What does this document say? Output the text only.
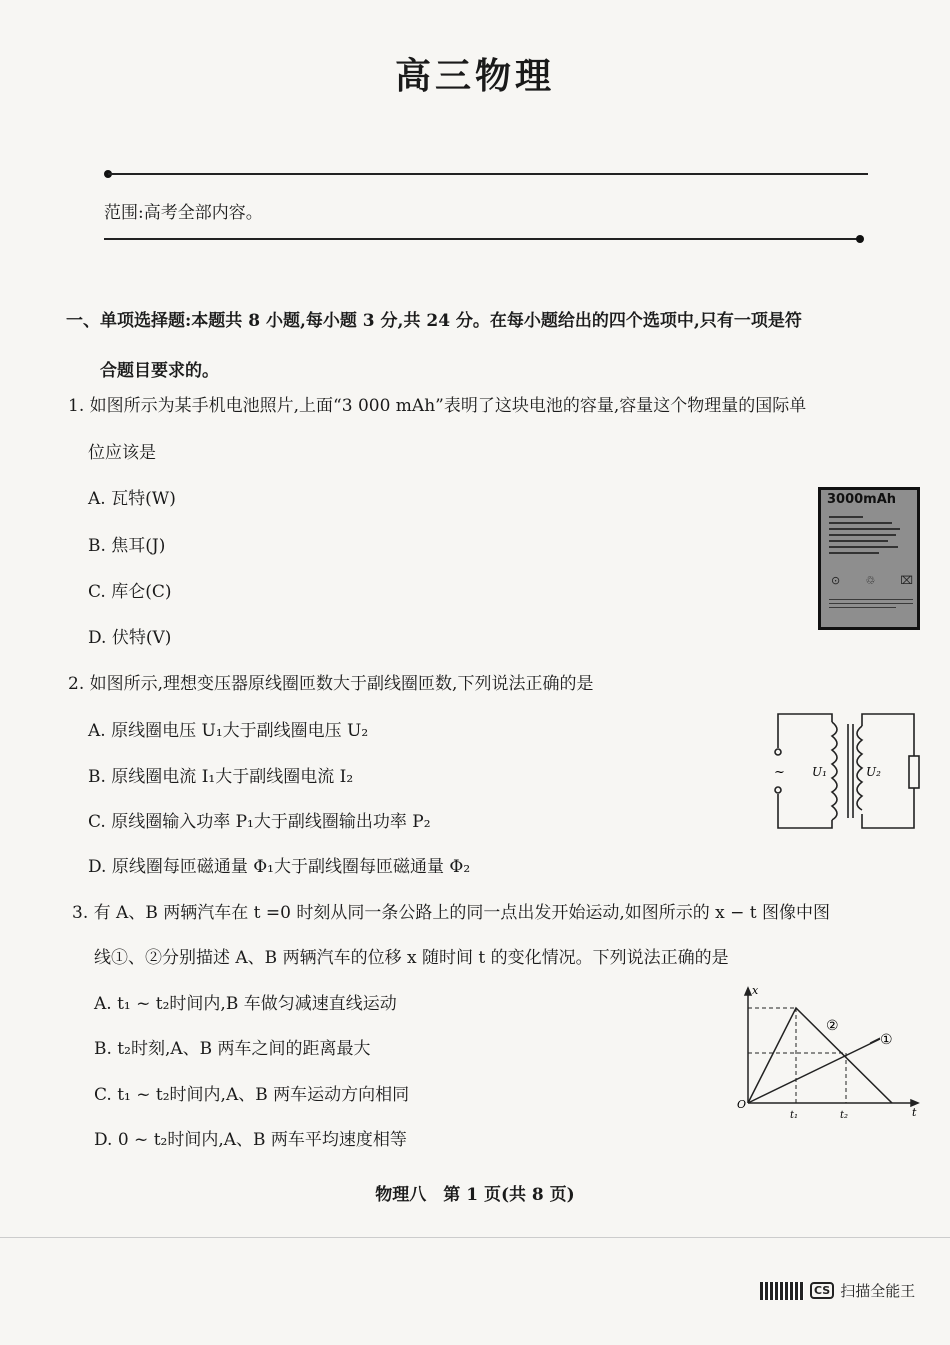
高三物理
范围:高考全部内容。
一、单项选择题:本题共 8 小题,每小题 3 分,共 24 分。在每小题给出的四个选项中,只有一项是符
合题目要求的。
1. 如图所示为某手机电池照片,上面“3 000 mAh”表明了这块电池的容量,容量这个物理量的国际单
位应该是
A. 瓦特(W)
B. 焦耳(J)
C. 库仑(C)
D. 伏特(V)
3000mAh
⊙ ♲ ⌧
2. 如图所示,理想变压器原线圈匝数大于副线圈匝数,下列说法正确的是
A. 原线圈电压 U₁大于副线圈电压 U₂
B. 原线圈电流 I₁大于副线圈电流 I₂
C. 原线圈输入功率 P₁大于副线圈输出功率 P₂
D. 原线圈每匝磁通量 Φ₁大于副线圈每匝磁通量 Φ₂
~ U₁	U₂
3. 有 A、B 两辆汽车在 t =0 时刻从同一条公路上的同一点出发开始运动,如图所示的 x − t 图像中图
线①、②分别描述 A、B 两辆汽车的位移 x 随时间 t 的变化情况。下列说法正确的是
A. t₁ ~ t₂时间内,B 车做匀减速直线运动
B. t₂时刻,A、B 两车之间的距离最大
C. t₁ ~ t₂时间内,A、B 两车运动方向相同
D. 0 ~ t₂时间内,A、B 两车平均速度相等
x
t
O
t₁	t₂
②
①
物理八　第 1 页(共 8 页)
CS 扫描全能王
